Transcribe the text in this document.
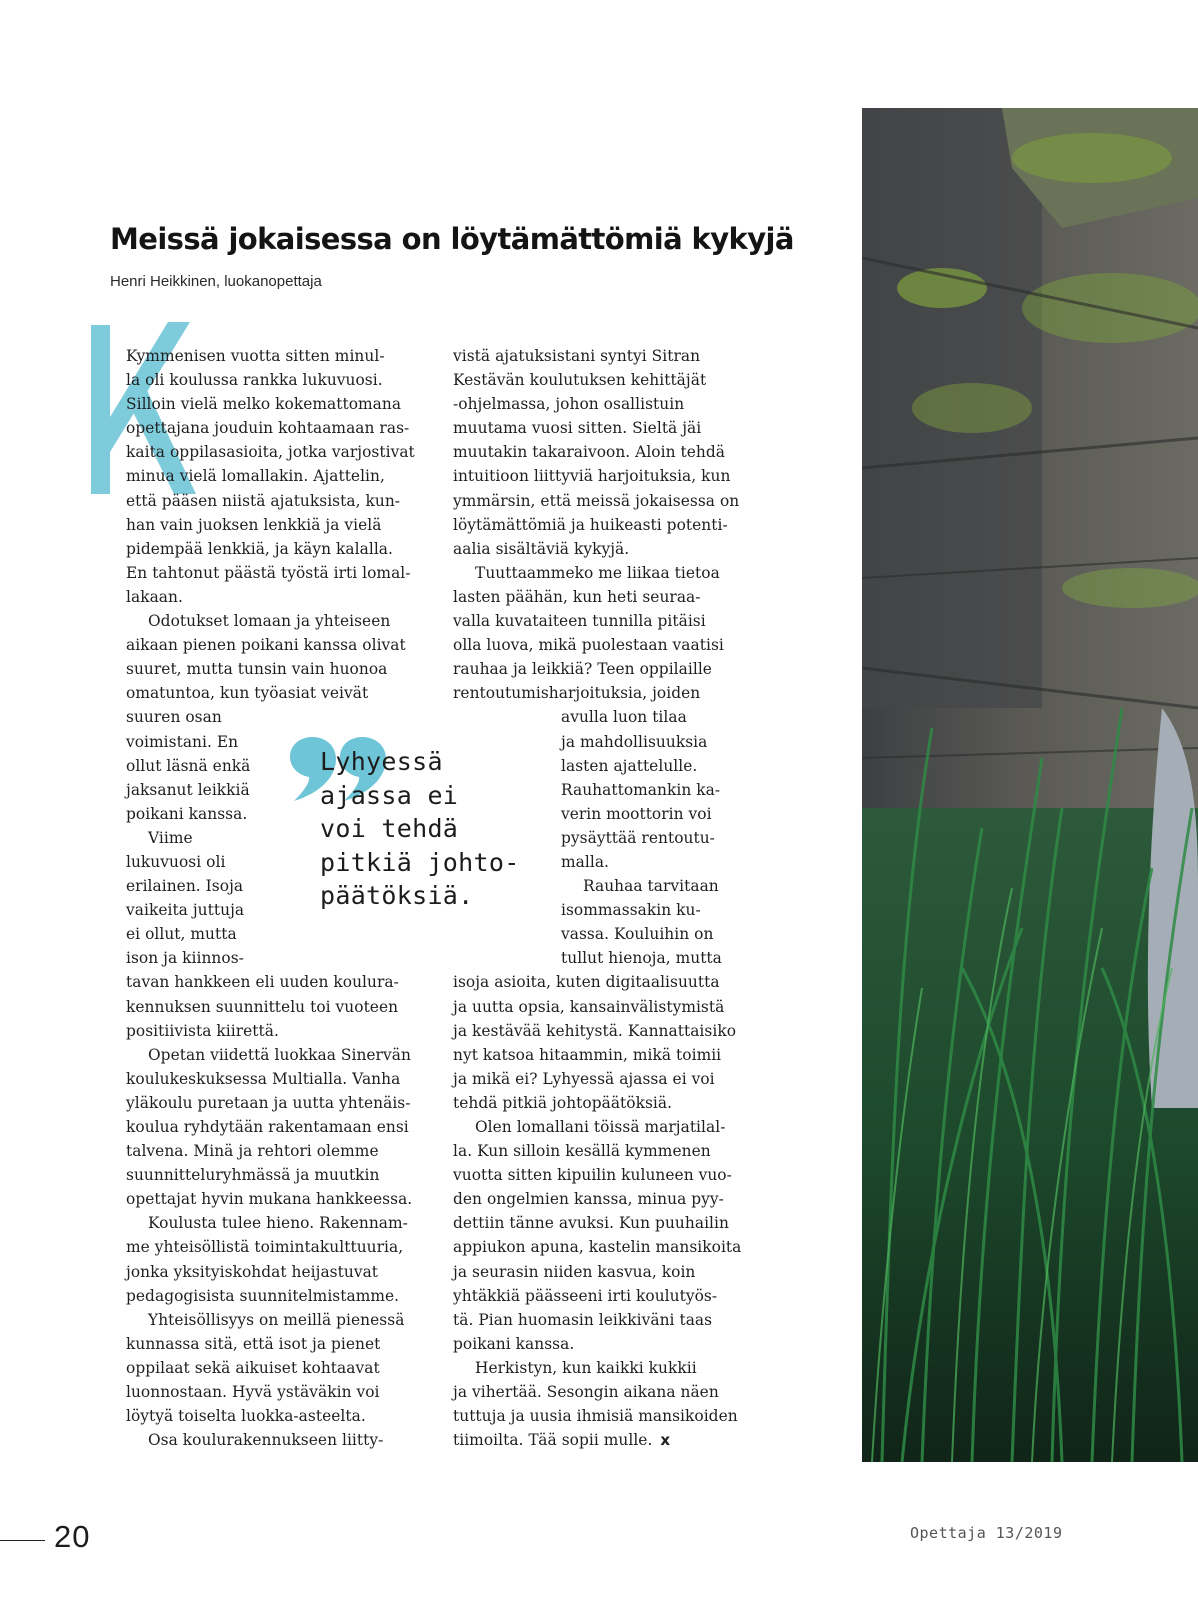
Meissä jokaisessa on löytämättömiä kykyjä
Henri Heikkinen, luokanopettaja
Kymmenisen vuotta sitten minul-
la oli koulussa rankka lukuvuosi.
Silloin vielä melko kokemattomana
opettajana jouduin kohtaamaan ras-
kaita oppilasasioita, jotka varjostivat
minua vielä lomallakin. Ajattelin,
että pääsen niistä ajatuksista, kun-
han vain juoksen lenkkiä ja vielä
pidempää lenkkiä, ja käyn kalalla.
En tahtonut päästä työstä irti lomal-
lakaan.
Odotukset lomaan ja yhteiseen
aikaan pienen poikani kanssa olivat
suuret, mutta tunsin vain huonoa
omatuntoa, kun työasiat veivät
suuren osan
voimistani. En
ollut läsnä enkä
jaksanut leikkiä
poikani kanssa.
Viime
lukuvuosi oli
erilainen. Isoja
vaikeita juttuja
ei ollut, mutta
ison ja kiinnos-
tavan hankkeen eli uuden koulura-
kennuksen suunnittelu toi vuoteen
positiivista kiirettä.
Opetan viidettä luokkaa Sinervän
koulukeskuksessa Multialla. Vanha
yläkoulu puretaan ja uutta yhtenäis-
koulua ryhdytään rakentamaan ensi
talvena. Minä ja rehtori olemme
suunnitteluryhmässä ja muutkin
opettajat hyvin mukana hankkeessa.
Koulusta tulee hieno. Rakennam-
me yhteisöllistä toimintakulttuuria,
jonka yksityiskohdat heijastuvat
pedagogisista suunnitelmistamme.
Yhteisöllisyys on meillä pienessä
kunnassa sitä, että isot ja pienet
oppilaat sekä aikuiset kohtaavat
luonnostaan. Hyvä ystäväkin voi
löytyä toiselta luokka-asteelta.
Osa koulurakennukseen liitty-
vistä ajatuksistani syntyi Sitran
Kestävän koulutuksen kehittäjät
-ohjelmassa, johon osallistuin
muutama vuosi sitten. Sieltä jäi
muutakin takaraivoon. Aloin tehdä
intuitioon liittyviä harjoituksia, kun
ymmärsin, että meissä jokaisessa on
löytämättömiä ja huikeasti potenti-
aalia sisältäviä kykyjä.
Tuuttaammeko me liikaa tietoa
lasten päähän, kun heti seuraa-
valla kuvataiteen tunnilla pitäisi
olla luova, mikä puolestaan vaatisi
rauhaa ja leikkiä? Teen oppilaille
rentoutumisharjoituksia, joiden
avulla luon tilaa
ja mahdollisuuksia
lasten ajattelulle.
Rauhattomankin ka-
verin moottorin voi
pysäyttää rentoutu-
malla.
Rauhaa tarvitaan
isommassakin ku-
vassa. Kouluihin on
tullut hienoja, mutta
isoja asioita, kuten digitaalisuutta
ja uutta opsia, kansainvälistymistä
ja kestävää kehitystä. Kannattaisiko
nyt katsoa hitaammin, mikä toimii
ja mikä ei? Lyhyessä ajassa ei voi
tehdä pitkiä johtopäätöksiä.
Olen lomallani töissä marjatilal-
la. Kun silloin kesällä kymmenen
vuotta sitten kipuilin kuluneen vuo-
den ongelmien kanssa, minua pyy-
dettiin tänne avuksi. Kun puuhailin
appiukon apuna, kastelin mansikoita
ja seurasin niiden kasvua, koin
yhtäkkiä päässeeni irti koulutyös-
tä. Pian huomasin leikkiväni taas
poikani kanssa.
Herkistyn, kun kaikki kukkii
ja vihertää. Sesongin aikana näen
tuttuja ja uusia ihmisiä mansikoiden
tiimoilta. Tää sopii mulle. x
Lyhyessä
ajassa ei
voi tehdä
pitkiä johto-
päätöksiä.
20	Opettaja 13/2019
